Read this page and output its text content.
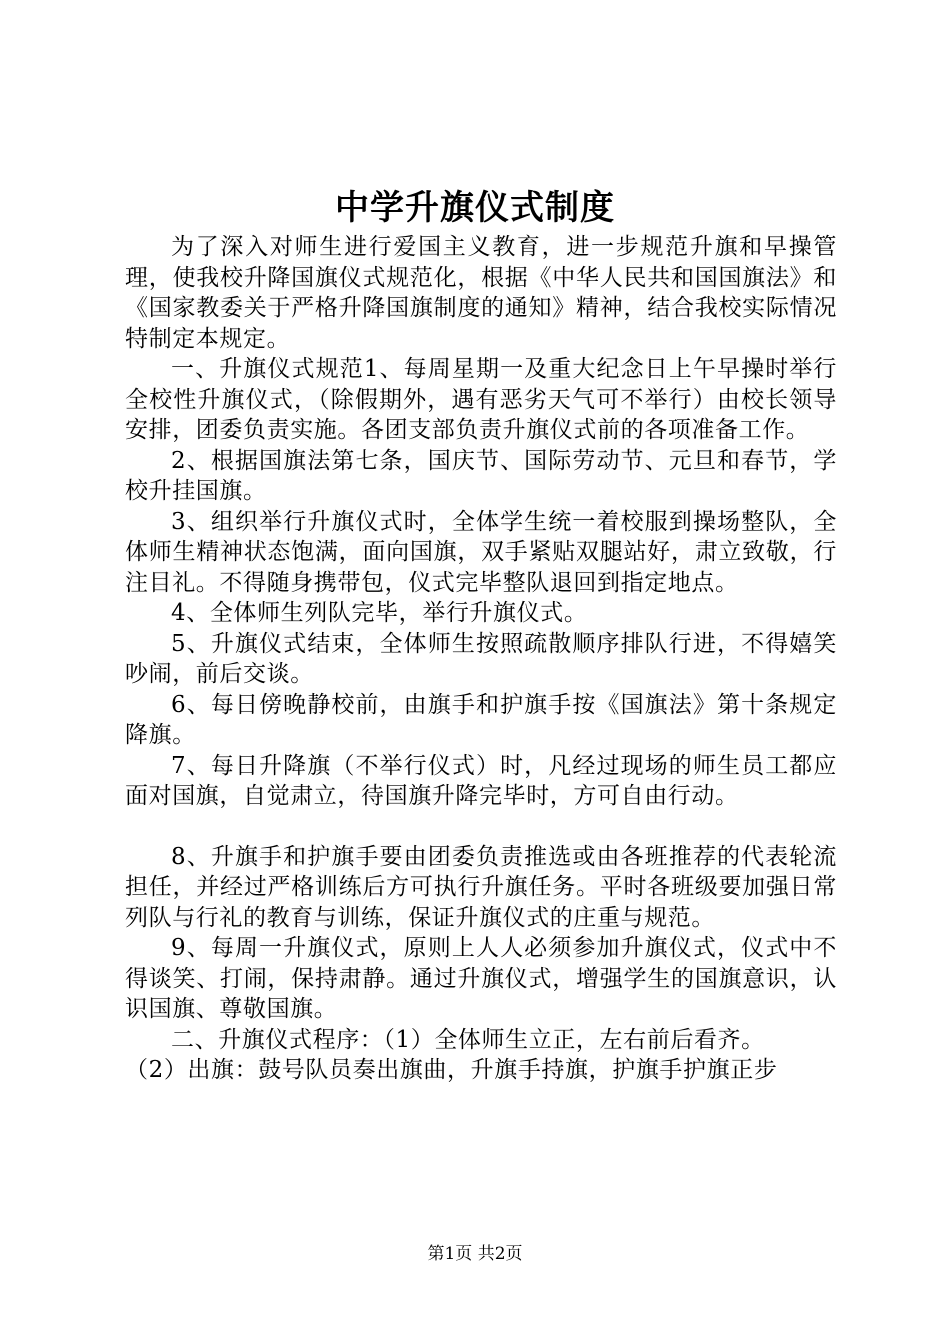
中学升旗仪式制度

为了深入对师生进行爱国主义教育，进一步规范升旗和早操管理，使我校升降国旗仪式规范化，根据《中华人民共和国国旗法》和《国家教委关于严格升降国旗制度的通知》精神，结合我校实际情况特制定本规定。

一、升旗仪式规范1、每周星期一及重大纪念日上午早操时举行全校性升旗仪式，（除假期外，遇有恶劣天气可不举行）由校长领导安排，团委负责实施。各团支部负责升旗仪式前的各项准备工作。

2、根据国旗法第七条，国庆节、国际劳动节、元旦和春节，学校升挂国旗。

3、组织举行升旗仪式时，全体学生统一着校服到操场整队，全体师生精神状态饱满，面向国旗，双手紧贴双腿站好，肃立致敬，行注目礼。不得随身携带包，仪式完毕整队退回到指定地点。

4、全体师生列队完毕，举行升旗仪式。

5、升旗仪式结束，全体师生按照疏散顺序排队行进，不得嬉笑吵闹，前后交谈。

6、每日傍晚静校前，由旗手和护旗手按《国旗法》第十条规定降旗。

7、每日升降旗（不举行仪式）时，凡经过现场的师生员工都应面对国旗，自觉肃立，待国旗升降完毕时，方可自由行动。

8、升旗手和护旗手要由团委负责推选或由各班推荐的代表轮流担任，并经过严格训练后方可执行升旗任务。平时各班级要加强日常列队与行礼的教育与训练，保证升旗仪式的庄重与规范。

9、每周一升旗仪式，原则上人人必须参加升旗仪式，仪式中不得谈笑、打闹，保持肃静。通过升旗仪式，增强学生的国旗意识，认识国旗、尊敬国旗。

二、升旗仪式程序：（1）全体师生立正，左右前后看齐。

（2）出旗：鼓号队员奏出旗曲，升旗手持旗，护旗手护旗正步

第1页 共2页
